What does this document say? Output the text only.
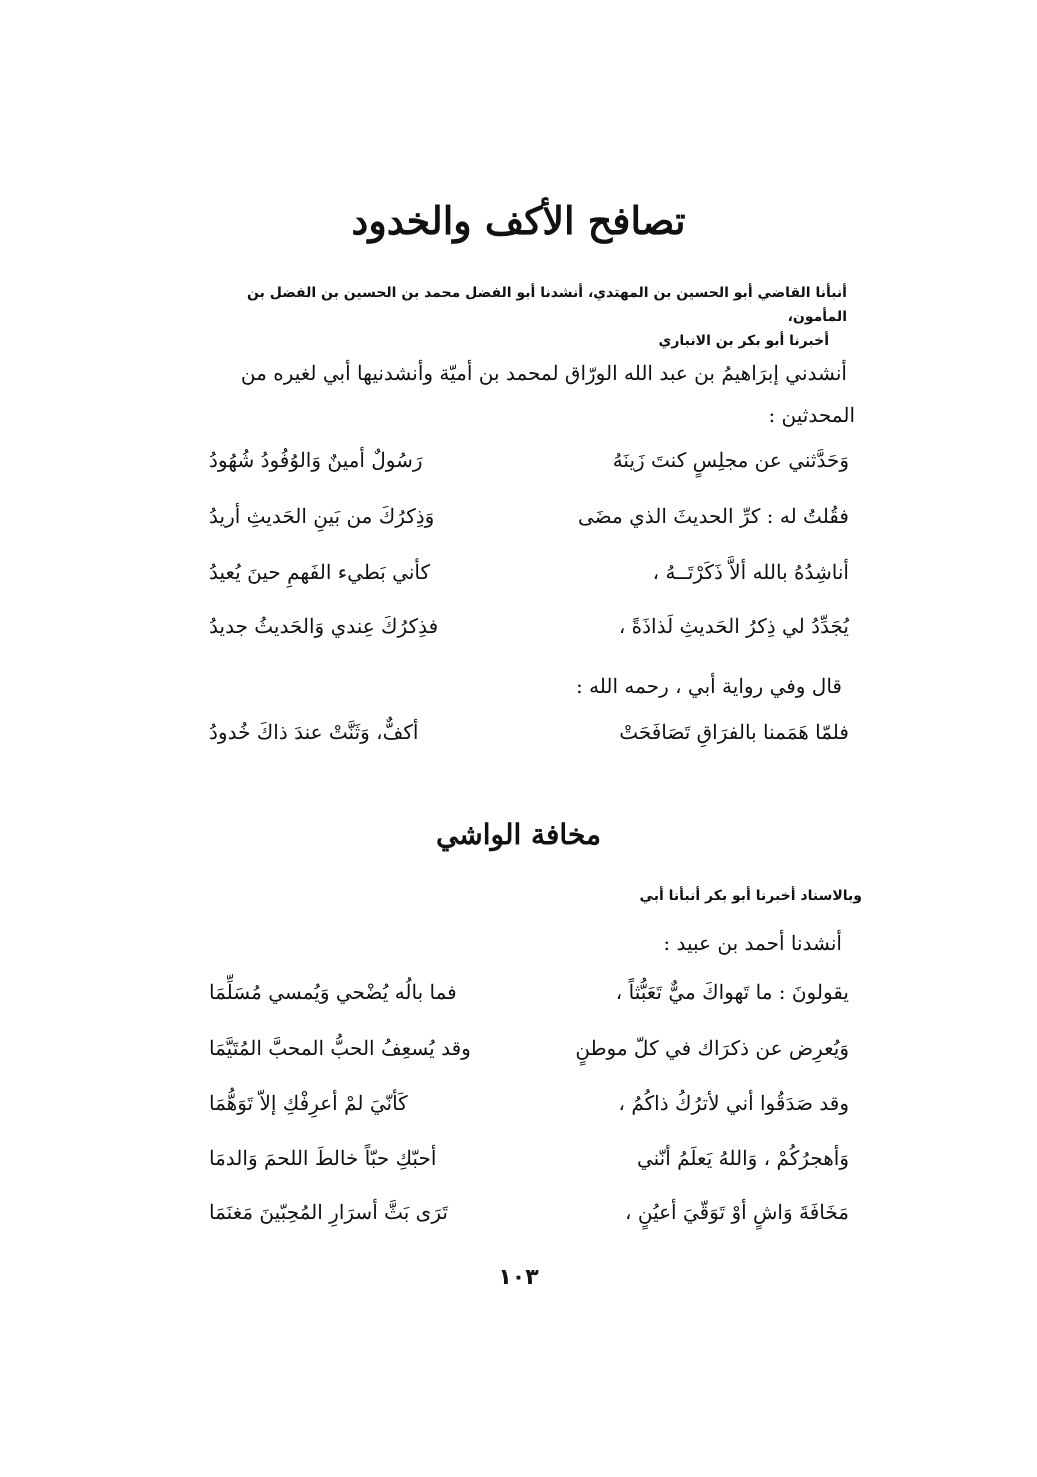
تصافح الأكف والخدود
أنبأنا القاضي أبو الحسين بن المهتدي، أنشدنا أبو الفضل محمد بن الحسين بن الفضل بن المأمون،
أخبرنا أبو بكر بن الانباري
أنشدني إبرَاهيمُ بن عبد الله الورّاق لمحمد بن أميّة وأنشدنيها أبي لغيره من
المحدثين :
وَحَدَّثني عن مجلِسٍ كنتَ زَينَهُ
رَسُولٌ أمينٌ وَالوُفُودُ شُهُودُ
فقُلتُ له : كرِّ الحديثَ الذي مضَى
وَذِكرُكَ من بَينِ الحَديثِ أريدُ
أناشِدُهُ بالله ألاَّ ذَكَرْتَــهُ ،
كأني بَطيء الفَهمِ حينَ يُعيدُ
يُجَدِّدُ لي ذِكرُ الحَديثِ لَذاذَةً ،
فذِكرُكَ عِندي وَالحَديثُ جديدُ
قال وفي رواية أبي ، رحمه الله :
فلمّا هَمَمنا بالفرَاقِ تَصَافَحَتْ
أكفٌّ، وَثَنَّتْ عندَ ذاكَ خُدودُ
مخافة الواشي
وبالاسناد أخبرنا أبو بكر أنبأنا أبي
أنشدنا أحمد بن عبيد :
يقولونَ : ما تَهواكَ ميٌّ تَعَبُّثاً ،
فما بالُه يُضْحي وَيُمسي مُسَلِّمَا
وَيُعرِض عن ذكرَاك في كلّ موطنٍ
وقد يُسعِفُ الحبُّ المحبَّ المُتَيَّمَا
وقد صَدَقُوا أني لأترُكُ ذاكُمُ ،
كَأنّيَ لمْ أعرِفْكِ إلاّ تَوَهُّمَا
وَأهجرُكُمْ ، وَاللهُ يَعلَمُ أنّني
أحبّكِ حبّاً خالطَ اللحمَ وَالدمَا
مَخَافَةَ وَاشٍ أوْ تَوَقّيَ أعيُنٍ ،
تَرَى بَثَّ أسرَارِ المُحِبّينَ مَغنَمَا
١٠٣
